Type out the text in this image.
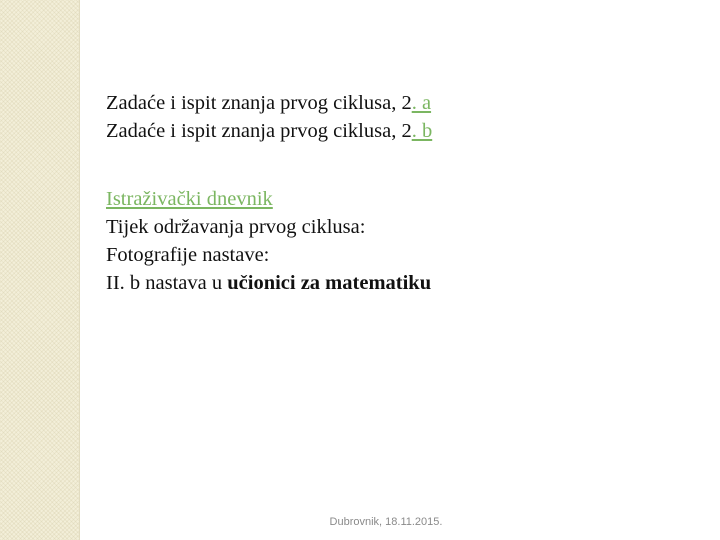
Zadaće i ispit znanja prvog ciklusa, 2. a
Zadaće i ispit znanja prvog ciklusa, 2. b
Istraživački dnevnik
Tijek održavanja prvog ciklusa:
Fotografije nastave:
II. b nastava u učionici za matematiku
Dubrovnik, 18.11.2015.
